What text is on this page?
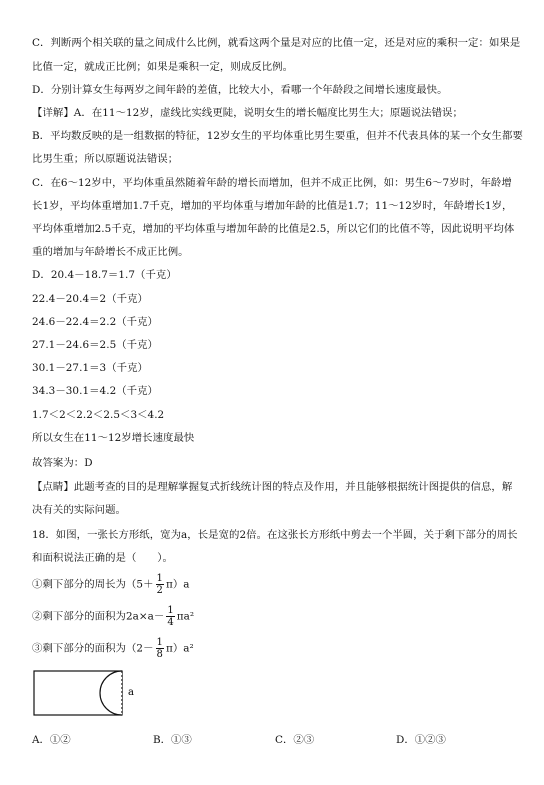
C．判断两个相关联的量之间成什么比例，就看这两个量是对应的比值一定，还是对应的乘积一定：如果是
比值一定，就成正比例；如果是乘积一定，则成反比例。
D．分别计算女生每两岁之间年龄的差值，比较大小，看哪一个年龄段之间增长速度最快。
【详解】A．在11～12岁，虚线比实线更陡，说明女生的增长幅度比男生大；原题说法错误；
B．平均数反映的是一组数据的特征，12岁女生的平均体重比男生要重，但并不代表具体的某一个女生都要
比男生重；所以原题说法错误；
C．在6～12岁中，平均体重虽然随着年龄的增长而增加，但并不成正比例，如：男生6～7岁时，年龄增
长1岁，平均体重增加1.7千克，增加的平均体重与增加年龄的比值是1.7；11～12岁时，年龄增长1岁，
平均体重增加2.5千克，增加的平均体重与增加年龄的比值是2.5，所以它们的比值不等，因此说明平均体
重的增加与年龄增长不成正比例。
D．20.4－18.7＝1.7（千克）
22.4－20.4＝2（千克）
24.6－22.4＝2.2（千克）
27.1－24.6＝2.5（千克）
30.1－27.1＝3（千克）
34.3－30.1＝4.2（千克）
1.7＜2＜2.2＜2.5＜3＜4.2
所以女生在11～12岁增长速度最快
故答案为：D
【点睛】此题考查的目的是理解掌握复式折线统计图的特点及作用，并且能够根据统计图提供的信息，解
决有关的实际问题。
18．如图，一张长方形纸，宽为a，长是宽的2倍。在这张长方形纸中剪去一个半圆，关于剩下部分的周长
和面积说法正确的是（　　）。
①剩下部分的周长为$(5+ \frac{1}{2} \pi)a$
②剩下部分的面积为$2a\times a- \frac{1}{4} \pi a^2$
③剩下部分的面积为$(2- \frac{1}{8} \pi)a^2$
a
A．①②	B．①③	C．②③	D．①②③
